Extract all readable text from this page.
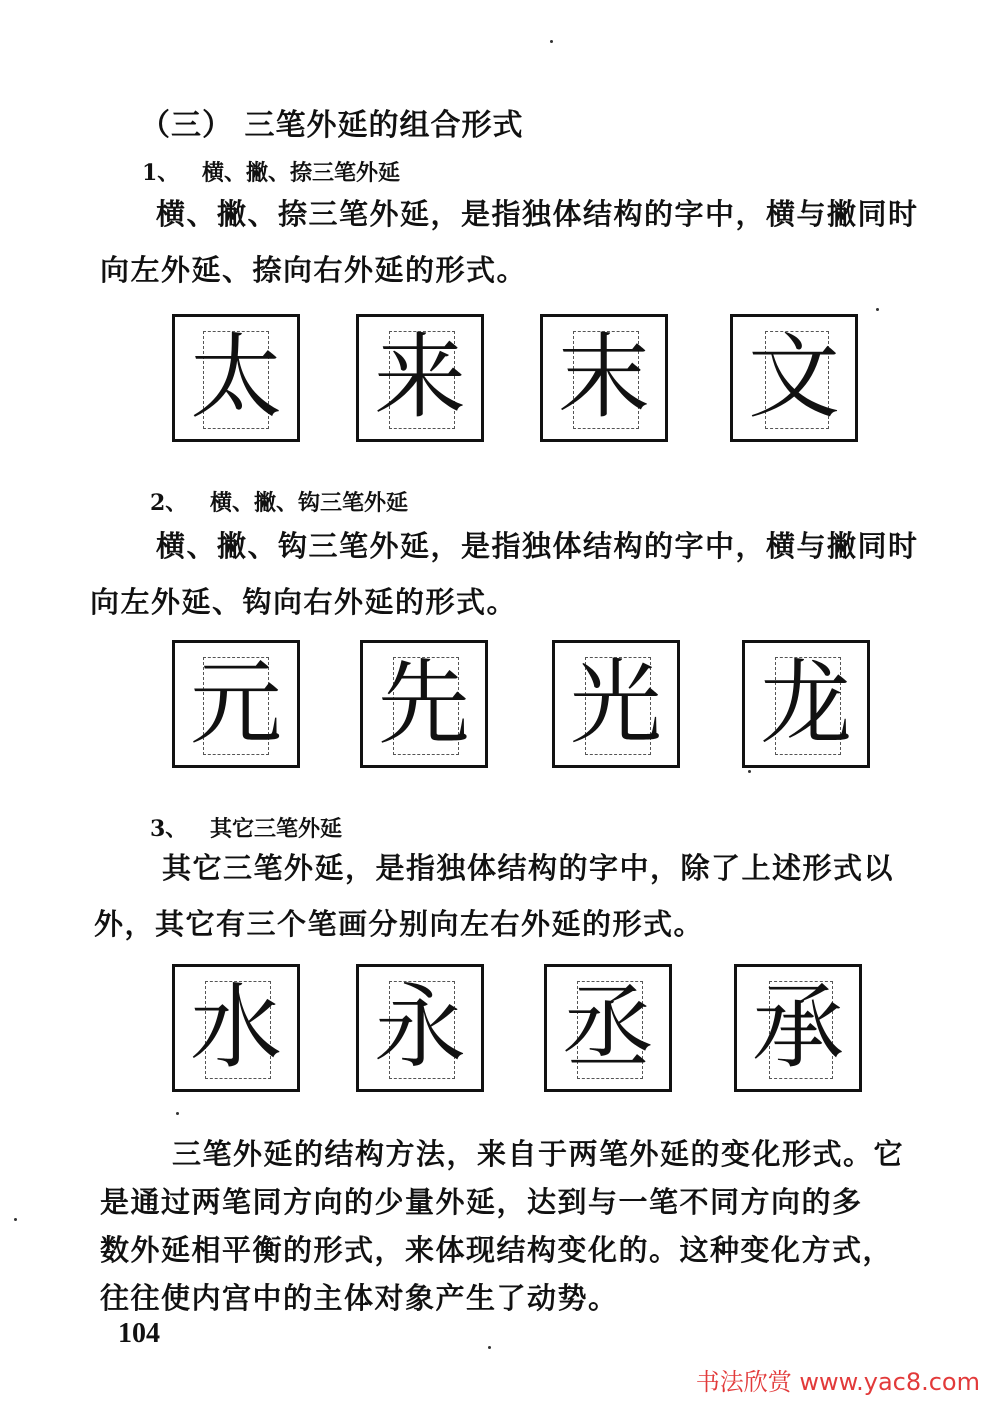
（三） 三笔外延的组合形式
1、 横、撇、捺三笔外延
横、撇、捺三笔外延，是指独体结构的字中，横与撇同时
向左外延、捺向右外延的形式。
太 来 末 文
2、 横、撇、钩三笔外延
横、撇、钩三笔外延，是指独体结构的字中，横与撇同时
向左外延、钩向右外延的形式。
元 先 光 龙
3、 其它三笔外延
其它三笔外延，是指独体结构的字中，除了上述形式以
外，其它有三个笔画分别向左右外延的形式。
水 永 丞 承
三笔外延的结构方法，来自于两笔外延的变化形式。它
是通过两笔同方向的少量外延，达到与一笔不同方向的多
数外延相平衡的形式，来体现结构变化的。这种变化方式，
往往使内宫中的主体对象产生了动势。
104
书法欣赏 www.yac8.com
